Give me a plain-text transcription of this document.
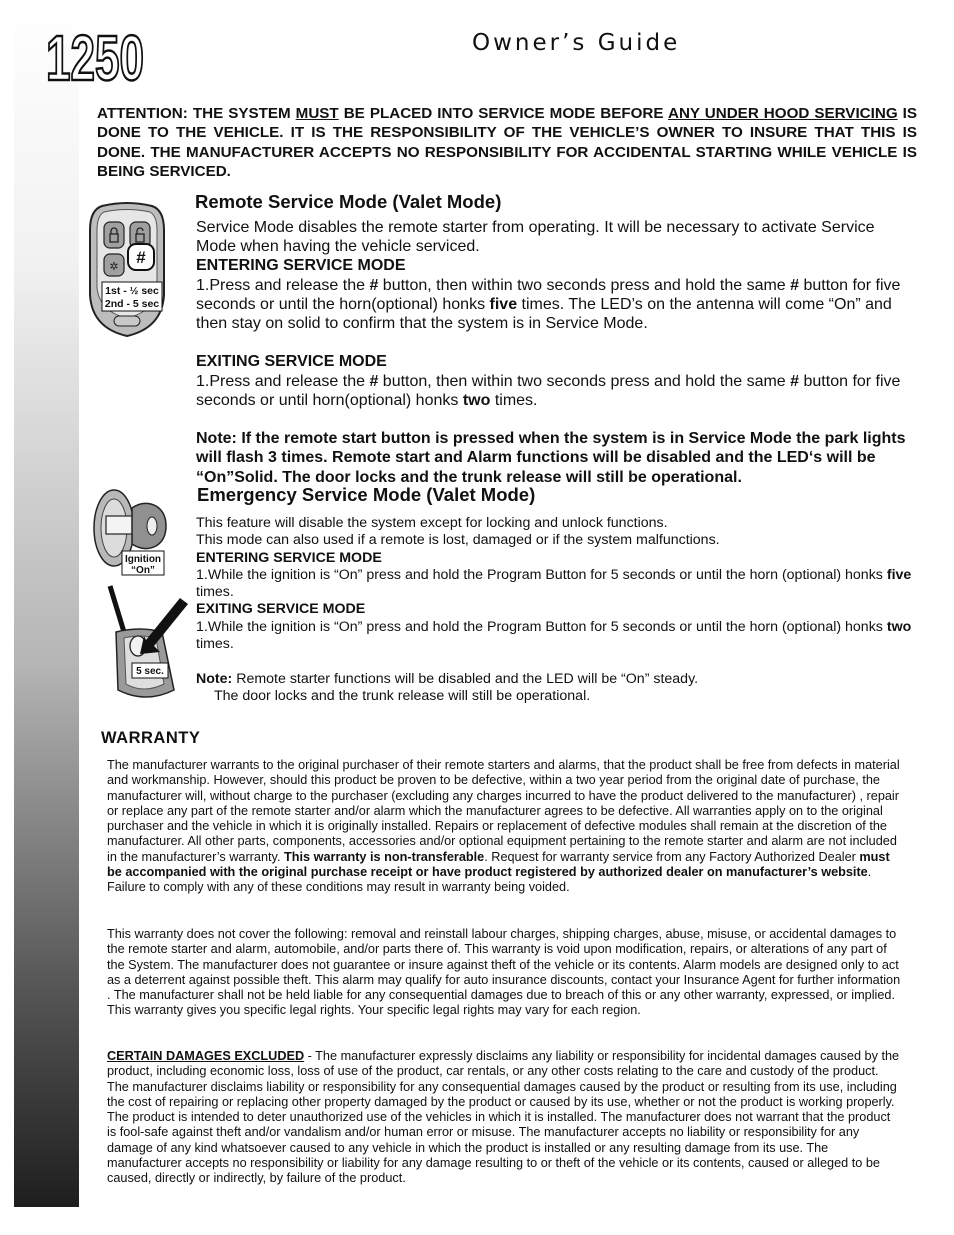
1250	Owner’s Guide
ATTENTION: THE SYSTEM MUST BE PLACED INTO SERVICE MODE BEFORE ANY UNDER HOOD SERVICING IS DONE TO THE VEHICLE. IT IS THE RESPONSIBILITY OF THE VEHICLE’S OWNER TO INSURE THAT THIS IS DONE. THE MANUFACTURER ACCEPTS NO RESPONSIBILITY FOR ACCIDENTAL STARTING WHILE VEHICLE IS BEING SERVICED.
✲ #
1st - ½ sec
2nd - 5 sec
Remote Service Mode (Valet Mode)

Service Mode disables the remote starter from operating. It will be necessary to activate Service Mode when having the vehicle serviced.

ENTERING SERVICE MODE

1.Press and release the # button, then within two seconds press and hold the same # button for five seconds or until the horn(optional) honks five times. The LED’s on the antenna will come “On” and then stay on solid to confirm that the system is in Service Mode.

EXITING SERVICE MODE

1.Press and release the # button, then within two seconds press and hold the same # button for five seconds or until horn(optional) honks two times.

Note: If the remote start button is pressed when the system is in Service Mode the park lights will flash 3 times. Remote start and Alarm functions will be disabled and the LED‘s will be “On”Solid. The door locks and the trunk release will still be operational.

Emergency Service Mode (Valet Mode)
Ignition
“On”
5 sec.

This feature will disable the system except for locking and unlock functions.

This mode can also used if a remote is lost, damaged or if the system malfunctions.

ENTERING SERVICE MODE

1.While the ignition is “On” press and hold the Program Button for 5 seconds or until the horn (optional) honks five times.

EXITING SERVICE MODE

1.While the ignition is “On” press and hold the Program Button for 5 seconds or until the horn (optional) honks two times.

Note: Remote starter functions will be disabled and the LED will be “On” steady.

The door locks and the trunk release will still be operational.

WARRANTY

The manufacturer warrants to the original purchaser of their remote starters and alarms, that the product shall be free from defects in material and workmanship. However, should this product be proven to be defective, within a two year period from the original date of purchase, the manufacturer will, without charge to the purchaser (excluding any charges incurred to have the product delivered to the manufacturer) , repair or replace any part of the remote starter and/or alarm which the manufacturer agrees to be defective. All warranties apply on to the original purchaser and the vehicle in which it is originally installed. Repairs or replacement of defective modules shall remain at the discretion of the manufacturer. All other parts, components, accessories and/or optional equipment pertaining to the remote starter and alarm are not included in the manufacturer’s warranty. This warranty is non-transferable. Request for warranty service from any Factory Authorized Dealer must be accompanied with the original purchase receipt or have product registered by authorized dealer on manufacturer’s website. Failure to comply with any of these conditions may result in warranty being voided.

This warranty does not cover the following: removal and reinstall labour charges, shipping charges, abuse, misuse, or accidental damages to the remote starter and alarm, automobile, and/or parts there of. This warranty is void upon modification, repairs, or alterations of any part of the System. The manufacturer does not guarantee or insure against theft of the vehicle or its contents. Alarm models are designed only to act as a deterrent against possible theft. This alarm may qualify for auto insurance discounts, contact your Insurance Agent for further information . The manufacturer shall not be held liable for any consequential damages due to breach of this or any other warranty, expressed, or implied. This warranty gives you specific legal rights. Your specific legal rights may vary for each region.

CERTAIN DAMAGES EXCLUDED - The manufacturer expressly disclaims any liability or responsibility for incidental damages caused by the product, including economic loss, loss of use of the product, car rentals, or any other costs relating to the care and custody of the product. The manufacturer disclaims liability or responsibility for any consequential damages caused by the product or resulting from its use, including the cost of repairing or replacing other property damaged by the product or caused by its use, whether or not the product is working properly. The product is intended to deter unauthorized use of the vehicles in which it is installed. The manufacturer does not warrant that the product is fool-safe against theft and/or vandalism and/or human error or misuse. The manufacturer accepts no liability or responsibility for any damage of any kind whatsoever caused to any vehicle in which the product is installed or any resulting damage from its use. The manufacturer accepts no responsibility or liability for any damage resulting to or theft of the vehicle or its contents, caused or alleged to be caused, directly or indirectly, by failure of the product.
